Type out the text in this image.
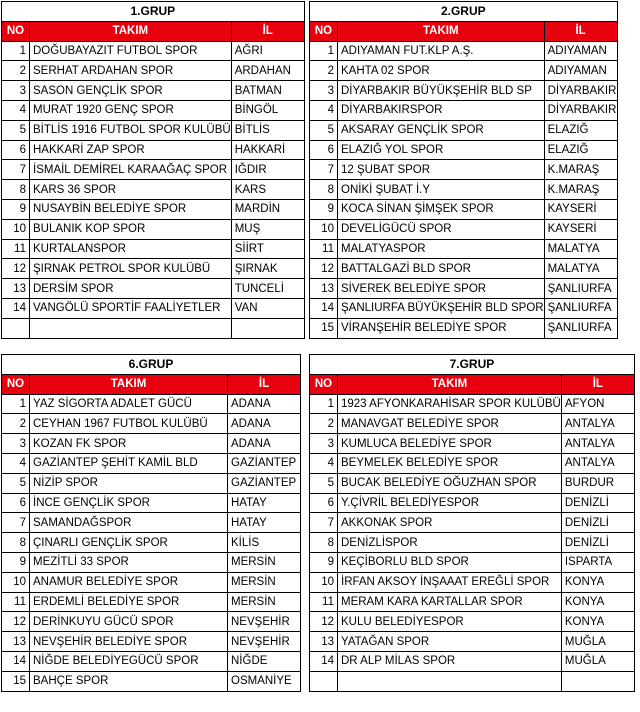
1.GRUP		
NO	TAKIM	İL
1	DOĞUBAYAZIT FUTBOL SPOR	AĞRI
2	SERHAT ARDAHAN SPOR	ARDAHAN
3	SASON GENÇLİK SPOR	BATMAN
4	MURAT 1920 GENÇ SPOR	BİNGÖL
5	BİTLİS 1916 FUTBOL SPOR KULÜBÜ	BİTLİS
6	HAKKARİ ZAP SPOR	HAKKARİ
7	İSMAİL DEMİREL KARAAĞAÇ SPOR	IĞDIR
8	KARS 36 SPOR	KARS
9	NUSAYBİN BELEDİYE SPOR	MARDİN
10	BULANIK KOP SPOR	MUŞ
11	KURTALANSPOR	SİİRT
12	ŞIRNAK PETROL SPOR KULÜBÜ	ŞIRNAK
13	DERSİM SPOR	TUNCELİ
14	VANGÖLÜ SPORTİF FAALİYETLER	VAN

2.GRUP		
NO	TAKIM	İL
1	ADIYAMAN FUT.KLP A.Ş.	ADIYAMAN
2	KAHTA 02 SPOR	ADIYAMAN
3	DİYARBAKIR BÜYÜKŞEHİR BLD SP	DİYARBAKIR
4	DİYARBAKIRSPOR	DİYARBAKIR
5	AKSARAY GENÇLİK SPOR	ELAZIĞ
6	ELAZIĞ YOL SPOR	ELAZIĞ
7	12 ŞUBAT SPOR	K.MARAŞ
8	ONİKİ ŞUBAT İ.Y	K.MARAŞ
9	KOCA SİNAN ŞİMŞEK SPOR	KAYSERİ
10	DEVELİGÜCÜ SPOR	KAYSERİ
11	MALATYASPOR	MALATYA
12	BATTALGAZİ BLD SPOR	MALATYA
13	SİVEREK BELEDİYE SPOR	ŞANLIURFA
14	ŞANLIURFA BÜYÜKŞEHİR BLD SPOR	ŞANLIURFA
15	VİRANŞEHİR BELEDİYE SPOR	ŞANLIURFA
6.GRUP		
NO	TAKIM	İL
1	YAZ SİGORTA ADALET GÜCÜ	ADANA
2	CEYHAN 1967 FUTBOL KULÜBÜ	ADANA
3	KOZAN FK SPOR	ADANA
4	GAZİANTEP ŞEHİT KAMİL BLD	GAZİANTEP
5	NİZİP SPOR	GAZİANTEP
6	İNCE GENÇLİK SPOR	HATAY
7	SAMANDAĞSPOR	HATAY
8	ÇINARLI GENÇLİK SPOR	KİLİS
9	MEZİTLİ 33 SPOR	MERSİN
10	ANAMUR BELEDİYE SPOR	MERSİN
11	ERDEMLİ BELEDİYE SPOR	MERSİN
12	DERİNKUYU GÜCÜ SPOR	NEVŞEHİR
13	NEVŞEHİR BELEDİYE SPOR	NEVŞEHİR
14	NİĞDE BELEDİYEGÜCÜ SPOR	NİĞDE
15	BAHÇE SPOR	OSMANİYE
7.GRUP		
NO	TAKIM	İL
1	1923 AFYONKARAHİSAR SPOR KULÜBÜ	AFYON
2	MANAVGAT BELEDİYE SPOR	ANTALYA
3	KUMLUCA BELEDİYE SPOR	ANTALYA
4	BEYMELEK BELEDİYE SPOR	ANTALYA
5	BUCAK BELEDİYE OĞUZHAN SPOR	BURDUR
6	Y.ÇİVRİL BELEDİYESPOR	DENİZLİ
7	AKKONAK SPOR	DENİZLİ
8	DENİZLİSPOR	DENİZLİ
9	KEÇİBORLU BLD SPOR	ISPARTA
10	İRFAN AKSOY İNŞAAAT EREĞLİ SPOR	KONYA
11	MERAM KARA KARTALLAR SPOR	KONYA
12	KULU BELEDİYESPOR	KONYA
13	YATAĞAN SPOR	MUĞLA
14	DR ALP MİLAS SPOR	MUĞLA
